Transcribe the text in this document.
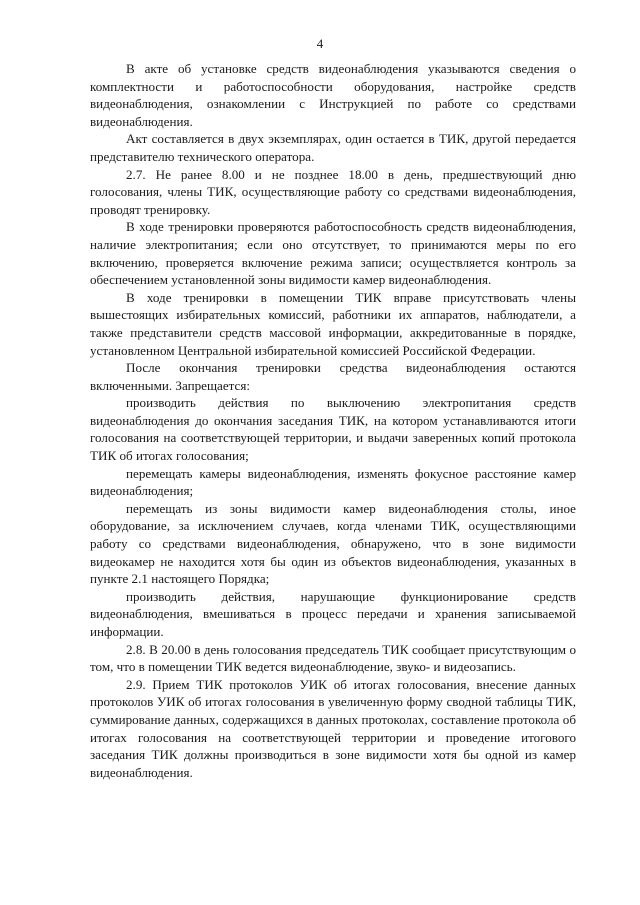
4

В акте об установке средств видеонаблюдения указываются сведения о комплектности и работоспособности оборудования, настройке средств видеонаблюдения, ознакомлении с Инструкцией по работе со средствами видеонаблюдения.

Акт составляется в двух экземплярах, один остается в ТИК, другой передается представителю технического оператора.

2.7. Не ранее 8.00 и не позднее 18.00 в день, предшествующий дню голосования, члены ТИК, осуществляющие работу со средствами видеонаблюдения, проводят тренировку.

В ходе тренировки проверяются работоспособность средств видеонаблюдения, наличие электропитания; если оно отсутствует, то принимаются меры по его включению, проверяется включение режима записи; осуществляется контроль за обеспечением установленной зоны видимости камер видеонаблюдения.

В ходе тренировки в помещении ТИК вправе присутствовать члены вышестоящих избирательных комиссий, работники их аппаратов, наблюдатели, а также представители средств массовой информации, аккредитованные в порядке, установленном Центральной избирательной комиссией Российской Федерации.

После окончания тренировки средства видеонаблюдения остаются включенными. Запрещается:

производить действия по выключению электропитания средств видеонаблюдения до окончания заседания ТИК, на котором устанавливаются итоги голосования на соответствующей территории, и выдачи заверенных копий протокола ТИК об итогах голосования;

перемещать камеры видеонаблюдения, изменять фокусное расстояние камер видеонаблюдения;

перемещать из зоны видимости камер видеонаблюдения столы, иное оборудование, за исключением случаев, когда членами ТИК, осуществляющими работу со средствами видеонаблюдения, обнаружено, что в зоне видимости видеокамер не находится хотя бы один из объектов видеонаблюдения, указанных в пункте 2.1 настоящего Порядка;

производить действия, нарушающие функционирование средств видеонаблюдения, вмешиваться в процесс передачи и хранения записываемой информации.

2.8. В 20.00 в день голосования председатель ТИК сообщает присутствующим о том, что в помещении ТИК ведется видеонаблюдение, звуко- и видеозапись.

2.9. Прием ТИК протоколов УИК об итогах голосования, внесение данных протоколов УИК об итогах голосования в увеличенную форму сводной таблицы ТИК, суммирование данных, содержащихся в данных протоколах, составление протокола об итогах голосования на соответствующей территории и проведение итогового заседания ТИК должны производиться в зоне видимости хотя бы одной из камер видеонаблюдения.
